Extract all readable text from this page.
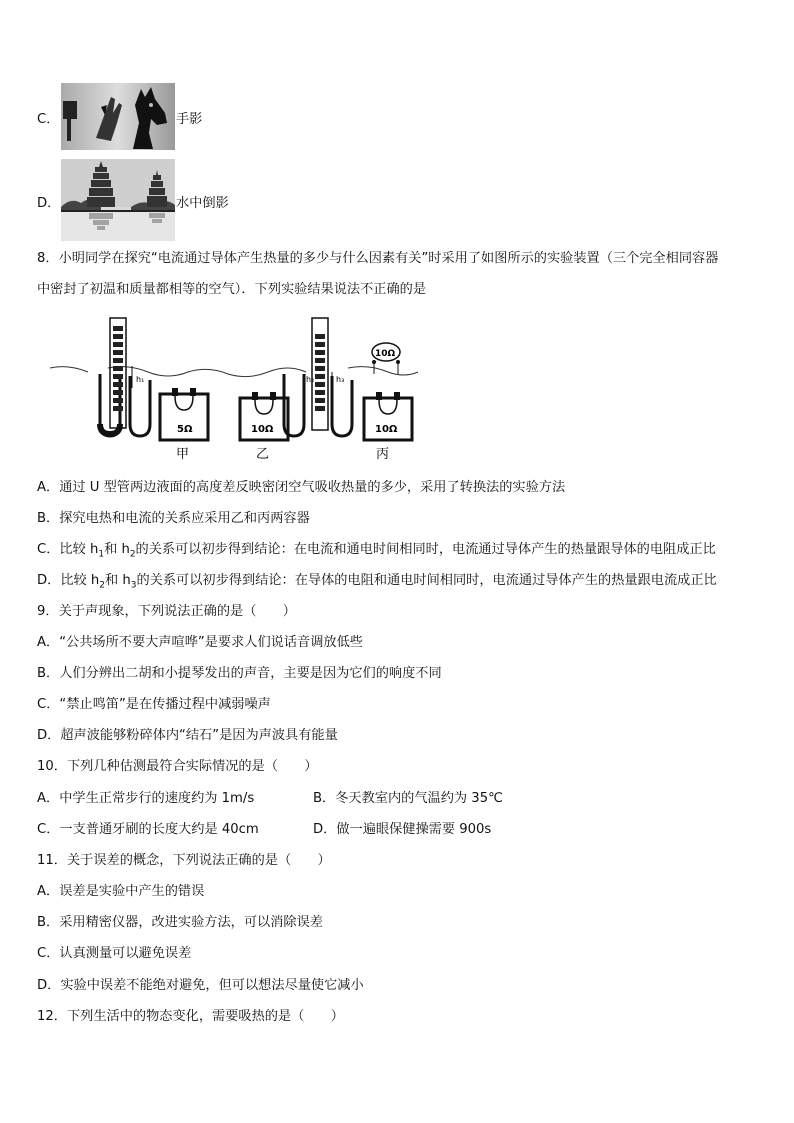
C．	手影
D．	水中倒影
8．小明同学在探究“电流通过导体产生热量的多少与什么因素有关”时采用了如图所示的实验装置（三个完全相同容器
中密封了初温和质量都相等的空气）．下列实验结果说法不正确的是
h₁
5Ω	10Ω
h₂	h₃
10Ω
10Ω
甲	乙	丙
A．通过 U 型管两边液面的高度差反映密闭空气吸收热量的多少，采用了转换法的实验方法
B．探究电热和电流的关系应采用乙和丙两容器
C．比较 $h_1$和 $h_2$的关系可以初步得到结论：在电流和通电时间相同时，电流通过导体产生的热量跟导体的电阻成正比
D．比较 $h_2$和 $h_3$的关系可以初步得到结论：在导体的电阻和通电时间相同时，电流通过导体产生的热量跟电流成正比
9．关于声现象，下列说法正确的是（　　）
A．“公共场所不要大声喧哗”是要求人们说话音调放低些
B．人们分辨出二胡和小提琴发出的声音，主要是因为它们的响度不同
C．“禁止鸣笛”是在传播过程中减弱噪声
D．超声波能够粉碎体内“结石”是因为声波具有能量
10．下列几种估测最符合实际情况的是（　　）
A．中学生正常步行的速度约为 1m/s	B．冬天教室内的气温约为 35℃
C．一支普通牙刷的长度大约是 40cm	D．做一遍眼保健操需要 900s
11．关于误差的概念，下列说法正确的是（　　）
A．误差是实验中产生的错误
B．采用精密仪器，改进实验方法，可以消除误差
C．认真测量可以避免误差
D．实验中误差不能绝对避免，但可以想法尽量使它减小
12．下列生活中的物态变化，需要吸热的是（　　）
